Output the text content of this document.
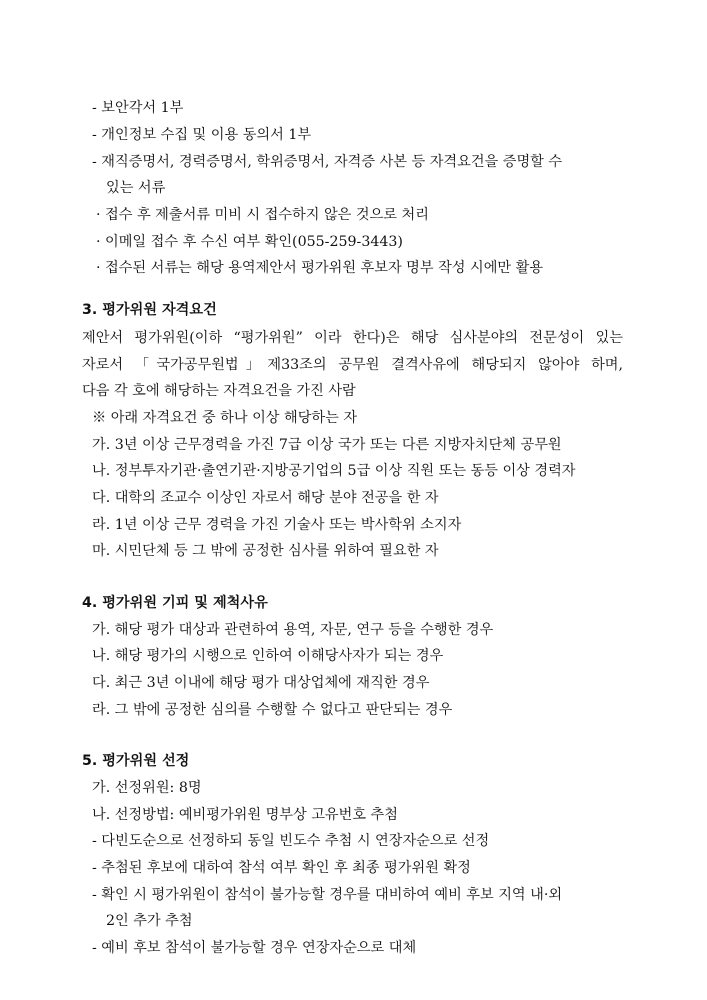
- 보안각서 1부
- 개인정보 수집 및 이용 동의서 1부
- 재직증명서, 경력증명서, 학위증명서, 자격증 사본 등 자격요건을 증명할 수
있는 서류
· 접수 후 제출서류 미비 시 접수하지 않은 것으로 처리
· 이메일 접수 후 수신 여부 확인(055-259-3443)
· 접수된 서류는 해당 용역제안서 평가위원 후보자 명부 작성 시에만 활용
3. 평가위원 자격요건
제안서 평가위원(이하 “평가위원” 이라 한다)은 해당 심사분야의 전문성이 있는
자로서 「국가공무원법」제33조의 공무원 결격사유에 해당되지 않아야 하며,
다음 각 호에 해당하는 자격요건을 가진 사람
※ 아래 자격요건 중 하나 이상 해당하는 자
가. 3년 이상 근무경력을 가진 7급 이상 국가 또는 다른 지방자치단체 공무원
나. 정부투자기관·출연기관·지방공기업의 5급 이상 직원 또는 동등 이상 경력자
다. 대학의 조교수 이상인 자로서 해당 분야 전공을 한 자
라. 1년 이상 근무 경력을 가진 기술사 또는 박사학위 소지자
마. 시민단체 등 그 밖에 공정한 심사를 위하여 필요한 자
4. 평가위원 기피 및 제척사유
가. 해당 평가 대상과 관련하여 용역, 자문, 연구 등을 수행한 경우
나. 해당 평가의 시행으로 인하여 이해당사자가 되는 경우
다. 최근 3년 이내에 해당 평가 대상업체에 재직한 경우
라. 그 밖에 공정한 심의를 수행할 수 없다고 판단되는 경우
5. 평가위원 선정
가. 선정위원: 8명
나. 선정방법: 예비평가위원 명부상 고유번호 추첨
- 다빈도순으로 선정하되 동일 빈도수 추첨 시 연장자순으로 선정
- 추첨된 후보에 대하여 참석 여부 확인 후 최종 평가위원 확정
- 확인 시 평가위원이 참석이 불가능할 경우를 대비하여 예비 후보 지역 내·외
2인 추가 추첨
- 예비 후보 참석이 불가능할 경우 연장자순으로 대체
